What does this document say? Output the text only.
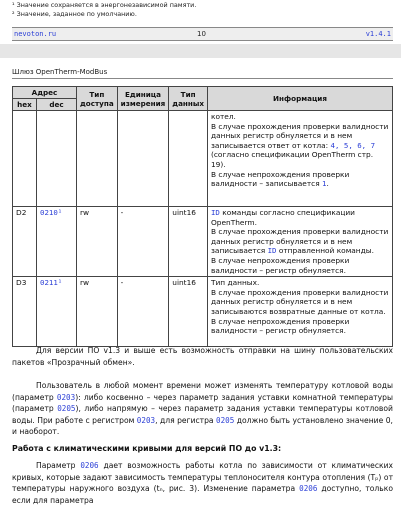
¹ Значение сохраняется в энергонезависимой памяти.
² Значение, заданное по умолчанию.
nevoton.ru	10	v1.4.1
Шлюз OpenTherm-ModBus
Адрес		Тип доступа	Единица измерения	Тип данных	Информация
hex	dec				

					котел.
В случае прохождения проверки валидности данных регистр обнуляется и в нем записывается ответ от котла: 4, 5, 6, 7 (согласно спецификации OpenTherm стр. 19).
В случае непрохождения проверки валидности – записывается 1.

D2	0210¹	rw	-	uint16	ID команды согласно спецификации OpenTherm.
В случае прохождения проверки валидности данных регистр обнуляется и в нем записывается ID отправленной команды.
В случае непрохождения проверки валидности – регистр обнуляется.

D3	0211¹	rw	-	uint16	Тип данных.
В случае прохождения проверки валидности данных регистр обнуляется и в нем записываются возвратные данные от котла.
В случае непрохождения проверки валидности – регистр обнуляется.
Для версии ПО v1.3 и выше есть возможность отправки на шину пользовательских пакетов «Прозрачный обмен».
Пользователь в любой момент времени может изменять температуру котловой воды (параметр 0203): либо косвенно – через параметр задания уставки комнатной температуры (параметр 0205), либо напрямую – через параметр задания уставки температуры котловой воды. При работе с регистром 0203, для регистра 0205 должно быть установлено значение 0, и наоборот.
Работа с климатическими кривыми для версий ПО до v1.3:
Параметр 0206 дает возможность работы котла по зависимости от климатических кривых, которые задают зависимость температуры теплоносителя контура отопления (Tₚ) от температуры наружного воздуха (tₙ, рис. 3). Изменение параметра 0206 доступно, только если для параметра
